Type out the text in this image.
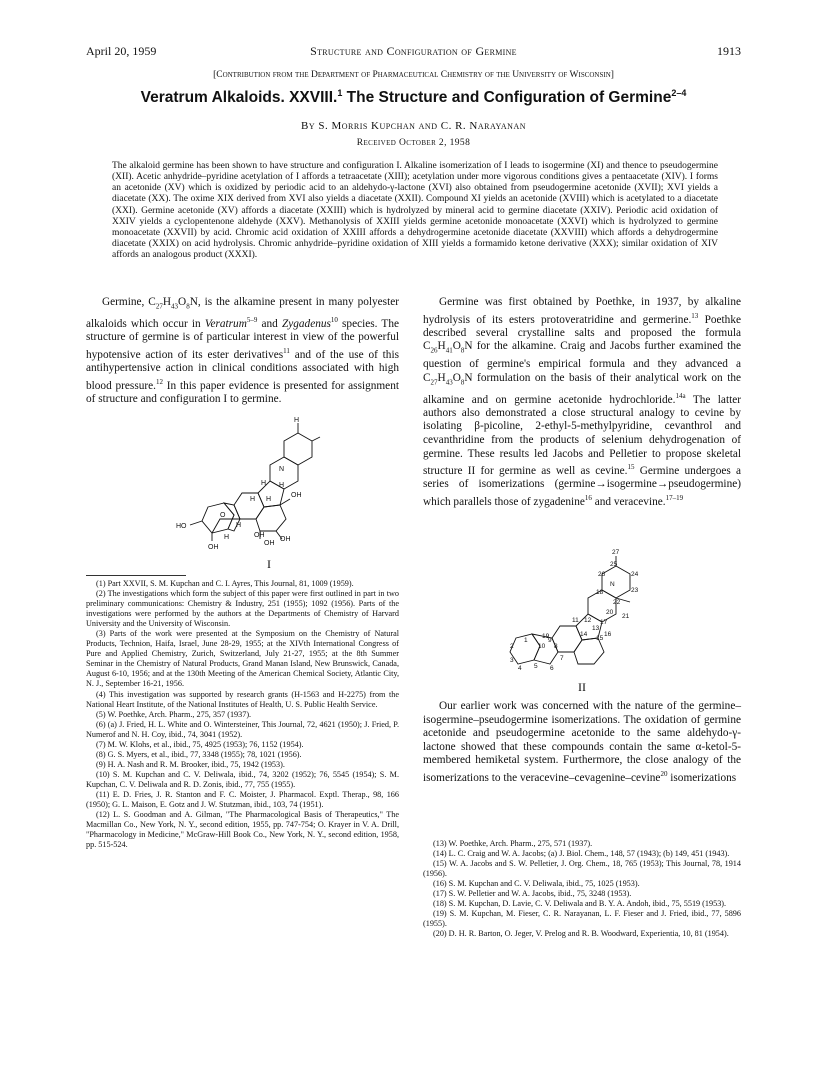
April 20, 1959	Structure and Configuration of Germine	1913
[Contribution from the Department of Pharmaceutical Chemistry of the University of Wisconsin]
Veratrum Alkaloids. XXVIII.$^1$ The Structure and Configuration of Germine$^{2-4}$
By S. Morris Kupchan and C. R. Narayanan
Received October 2, 1958

The alkaloid germine has been shown to have structure and configuration I. Alkaline isomerization of I leads to isogermine (XI) and thence to pseudogermine (XII). Acetic anhydride–pyridine acetylation of I affords a tetraacetate (XIII); acetylation under more vigorous conditions gives a pentaacetate (XIV). I forms an acetonide (XV) which is oxidized by periodic acid to an aldehydo-γ-lactone (XVI) also obtained from pseudogermine acetonide (XVII); XVI yields a diacetate (XX). The oxime XIX derived from XVI also yields a diacetate (XXII). Compound XI yields an acetonide (XVIII) which is acetylated to a diacetate (XXI). Germine acetonide (XV) affords a diacetate (XXIII) which is hydrolyzed by mineral acid to germine diacetate (XXIV). Periodic acid oxidation of XXIV yields a cyclopentenone aldehyde (XXV). Methanolysis of XXIII yields germine acetonide monoacetate (XXVI) which is hydrolyzed to germine monoacetate (XXVII) by acid. Chromic acid oxidation of XXIII affords a dehydrogermine acetonide diacetate (XXVIII) which affords a dehydrogermine diacetate (XXIX) on acid hydrolysis. Chromic anhydride–pyridine oxidation of XIII yields a formamido ketone derivative (XXX); similar oxidation of XIV affords an analogous product (XXXI).

Germine, $C_{27}H_{43}O_8N$, is the alkamine present in many polyester alkaloids which occur in Veratrum$^{5-9}$ and Zygadenus$^{10}$ species. The structure of germine is of particular interest in view of the powerful hypotensive action of its ester derivatives$^{11}$ and of the use of this antihypertensive action in clinical conditions associated with high blood pressure.$^{12}$ In this paper evidence is presented for assignment of structure and configuration I to germine.

H
N
H
H
OH
H H
O
OH
OH
OH
HO
H
OH
H
I

(1) Part XXVII, S. M. Kupchan and C. I. Ayres, This Journal, 81, 1009 (1959).

(2) The investigations which form the subject of this paper were first outlined in part in two preliminary communications: Chemistry & Industry, 251 (1955); 1092 (1956). Parts of the investigations were performed by the authors at the Departments of Chemistry of Harvard University and the University of Wisconsin.

(3) Parts of the work were presented at the Symposium on the Chemistry of Natural Products, Technion, Haifa, Israel, June 28-29, 1955; at the XIVth International Congress of Pure and Applied Chemistry, Zurich, Switzerland, July 21-27, 1955; at the 8th Summer Seminar in the Chemistry of Natural Products, Grand Manan Island, New Brunswick, Canada, August 6-10, 1956; and at the 130th Meeting of the American Chemical Society, Atlantic City, N. J., September 16-21, 1956.

(4) This investigation was supported by research grants (H-1563 and H-2275) from the National Heart Institute, of the National Institutes of Health, U. S. Public Health Service.

(5) W. Poethke, Arch. Pharm., 275, 357 (1937).

(6) (a) J. Fried, H. L. White and O. Wintersteiner, This Journal, 72, 4621 (1950); J. Fried, P. Numerof and N. H. Coy, ibid., 74, 3041 (1952).

(7) M. W. Klohs, et al., ibid., 75, 4925 (1953); 76, 1152 (1954).

(8) G. S. Myers, et al., ibid., 77, 3348 (1955); 78, 1021 (1956).

(9) H. A. Nash and R. M. Brooker, ibid., 75, 1942 (1953).

(10) S. M. Kupchan and C. V. Deliwala, ibid., 74, 3202 (1952); 76, 5545 (1954); S. M. Kupchan, C. V. Deliwala and R. D. Zonis, ibid., 77, 755 (1955).

(11) E. D. Fries, J. R. Stanton and F. C. Moister, J. Pharmacol. Exptl. Therap., 98, 166 (1950); G. L. Maison, E. Gotz and J. W. Stutzman, ibid., 103, 74 (1951).

(12) L. S. Goodman and A. Gilman, "The Pharmacological Basis of Therapeutics," The Macmillan Co., New York, N. Y., second edition, 1955, pp. 747-754; O. Krayer in V. A. Drill, "Pharmacology in Medicine," McGraw-Hill Book Co., New York, N. Y., second edition, 1958, pp. 515-524.

Germine was first obtained by Poethke, in 1937, by alkaline hydrolysis of its esters protoveratridine and germerine.$^{13}$ Poethke described several crystalline salts and proposed the formula $C_{26}H_{41}O_8N$ for the alkamine. Craig and Jacobs further examined the question of germine's empirical formula and they advanced a $C_{27}H_{43}O_8N$ formulation on the basis of their analytical work on the alkamine and on germine acetonide hydrochloride.$^{14a}$ The latter authors also demonstrated a close structural analogy to cevine by isolating β-picoline, 2-ethyl-5-methylpyridine, cevanthrol and cevanthridine from the products of selenium dehydrogenation of germine. These results led Jacobs and Pelletier to propose skeletal structure II for germine as well as cevine.$^{15}$ Germine undergoes a series of isomerizations (germine→isogermine→pseudogermine) which parallels those of zygadenine$^{16}$ and veracevine.$^{17-19}$

27
25
26	24
N
23
18
22
20
21
11 12 17
13
14
15
16
19
1
2	10 8
9
3
4 5 6
7
II

Our earlier work was concerned with the nature of the germine–isogermine–pseudogermine isomerizations. The oxidation of germine acetonide and pseudogermine acetonide to the same aldehydo-γ-lactone showed that these compounds contain the same α-ketol-5-membered hemiketal system. Furthermore, the close analogy of the isomerizations to the veracevine–cevagenine–cevine$^{20}$ isomerizations

(13) W. Poethke, Arch. Pharm., 275, 571 (1937).

(14) L. C. Craig and W. A. Jacobs; (a) J. Biol. Chem., 148, 57 (1943); (b) 149, 451 (1943).

(15) W. A. Jacobs and S. W. Pelletier, J. Org. Chem., 18, 765 (1953); This Journal, 78, 1914 (1956).

(16) S. M. Kupchan and C. V. Deliwala, ibid., 75, 1025 (1953).

(17) S. W. Pelletier and W. A. Jacobs, ibid., 75, 3248 (1953).

(18) S. M. Kupchan, D. Lavie, C. V. Deliwala and B. Y. A. Andoh, ibid., 75, 5519 (1953).

(19) S. M. Kupchan, M. Fieser, C. R. Narayanan, L. F. Fieser and J. Fried, ibid., 77, 5896 (1955).

(20) D. H. R. Barton, O. Jeger, V. Prelog and R. B. Woodward, Experientia, 10, 81 (1954).
